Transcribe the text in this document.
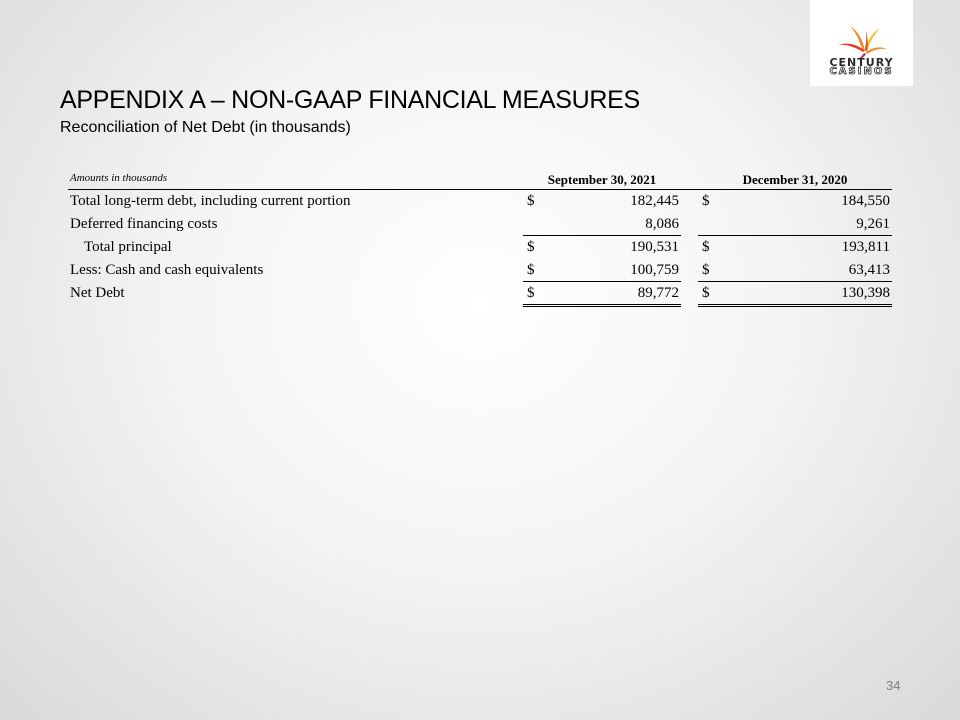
CENTURY
CASINOS
APPENDIX A – NON-GAAP FINANCIAL MEASURES
Reconciliation of Net Debt (in thousands)
Amounts in thousands	September 30, 2021	December 31, 2020
Total long-term debt, including current portion	$	182,445 $	184,550
Deferred financing costs	8,086	9,261
Total principal	$	190,531 $	193,811
Less: Cash and cash equivalents	$	100,759 $	63,413
Net Debt	$	89,772 $	130,398
34
